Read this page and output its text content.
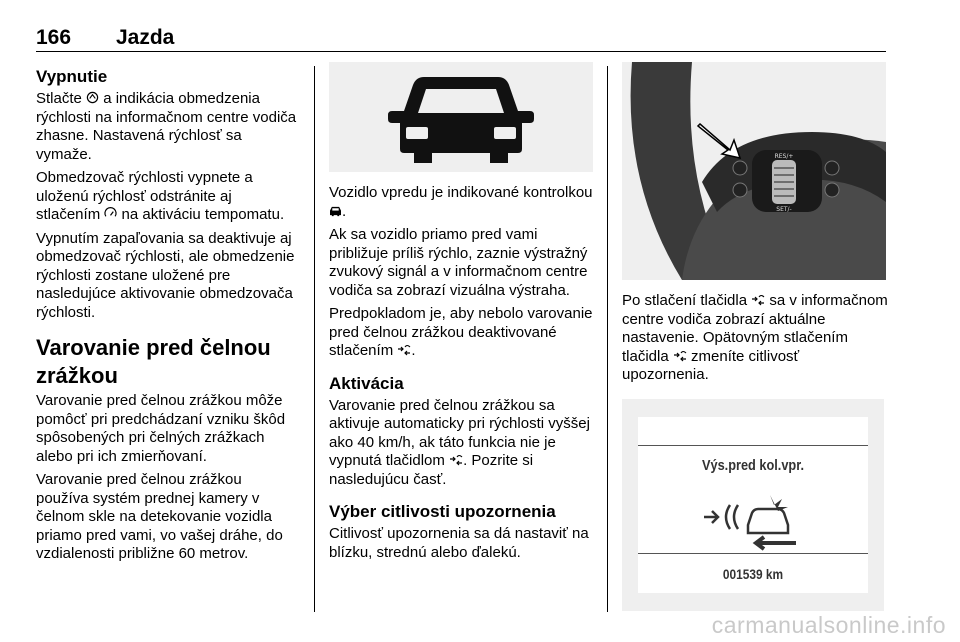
166 Jazda
Vypnutie

Stlačte  a indikácia obmedzenia rýchlosti na informačnom centre vodiča zhasne. Nastavená rýchlosť sa vymaže.

Obmedzovač rýchlosti vypnete a uloženú rýchlosť odstránite aj stlačením  na aktiváciu tempomatu.

Vypnutím zapaľovania sa deaktivuje aj obmedzovač rýchlosti, ale obmedzenie rýchlosti zostane uložené pre nasledujúce aktivovanie obmedzovača rýchlosti.

Varovanie pred čelnou zrážkou

Varovanie pred čelnou zrážkou môže pomôcť pri predchádzaní vzniku škôd spôsobených pri čelných zrážkach alebo pri ich zmierňovaní.

Varovanie pred čelnou zrážkou používa systém prednej kamery v čelnom skle na detekovanie vozidla priamo pred vami, vo vašej dráhe, do vzdialenosti približne 60 metrov.

Vozidlo vpredu je indikované kontrolkou .

Ak sa vozidlo priamo pred vami približuje príliš rýchlo, zaznie výstražný zvukový signál a v informačnom centre vodiča sa zobrazí vizuálna výstraha.

Predpokladom je, aby nebolo varovanie pred čelnou zrážkou deaktivované stlačením .

Aktivácia

Varovanie pred čelnou zrážkou sa aktivuje automaticky pri rýchlosti vyššej ako 40 km/h, ak táto funkcia nie je vypnutá tlačidlom . Pozrite si nasledujúcu časť.

Výber citlivosti upozornenia

Citlivosť upozornenia sa dá nastaviť na blízku, strednú alebo ďalekú.

RES/+
SET/-

Po stlačení tlačidla  sa v informačnom centre vodiča zobrazí aktuálne nastavenie. Opätovným stlačením tlačidla  zmeníte citlivosť upozornenia.

Výs.pred kol.vpr.
001539 km
carmanualsonline.info
